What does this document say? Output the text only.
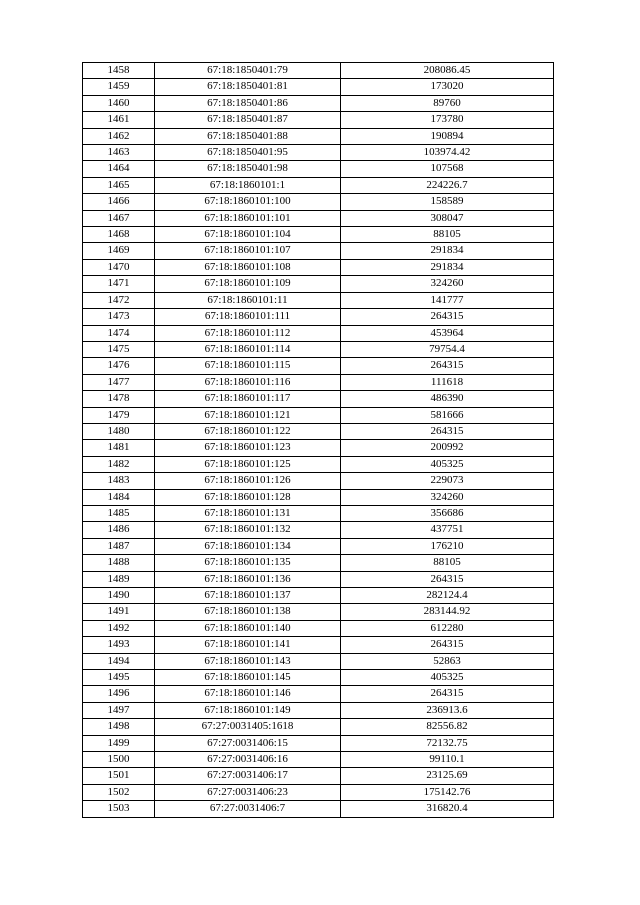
1458	67:18:1850401:79	208086.45
1459	67:18:1850401:81	173020
1460	67:18:1850401:86	89760
1461	67:18:1850401:87	173780
1462	67:18:1850401:88	190894
1463	67:18:1850401:95	103974.42
1464	67:18:1850401:98	107568
1465	67:18:1860101:1	224226.7
1466	67:18:1860101:100	158589
1467	67:18:1860101:101	308047
1468	67:18:1860101:104	88105
1469	67:18:1860101:107	291834
1470	67:18:1860101:108	291834
1471	67:18:1860101:109	324260
1472	67:18:1860101:11	141777
1473	67:18:1860101:111	264315
1474	67:18:1860101:112	453964
1475	67:18:1860101:114	79754.4
1476	67:18:1860101:115	264315
1477	67:18:1860101:116	111618
1478	67:18:1860101:117	486390
1479	67:18:1860101:121	581666
1480	67:18:1860101:122	264315
1481	67:18:1860101:123	200992
1482	67:18:1860101:125	405325
1483	67:18:1860101:126	229073
1484	67:18:1860101:128	324260
1485	67:18:1860101:131	356686
1486	67:18:1860101:132	437751
1487	67:18:1860101:134	176210
1488	67:18:1860101:135	88105
1489	67:18:1860101:136	264315
1490	67:18:1860101:137	282124.4
1491	67:18:1860101:138	283144.92
1492	67:18:1860101:140	612280
1493	67:18:1860101:141	264315
1494	67:18:1860101:143	52863
1495	67:18:1860101:145	405325
1496	67:18:1860101:146	264315
1497	67:18:1860101:149	236913.6
1498	67:27:0031405:1618	82556.82
1499	67:27:0031406:15	72132.75
1500	67:27:0031406:16	99110.1
1501	67:27:0031406:17	23125.69
1502	67:27:0031406:23	175142.76
1503	67:27:0031406:7	316820.4
